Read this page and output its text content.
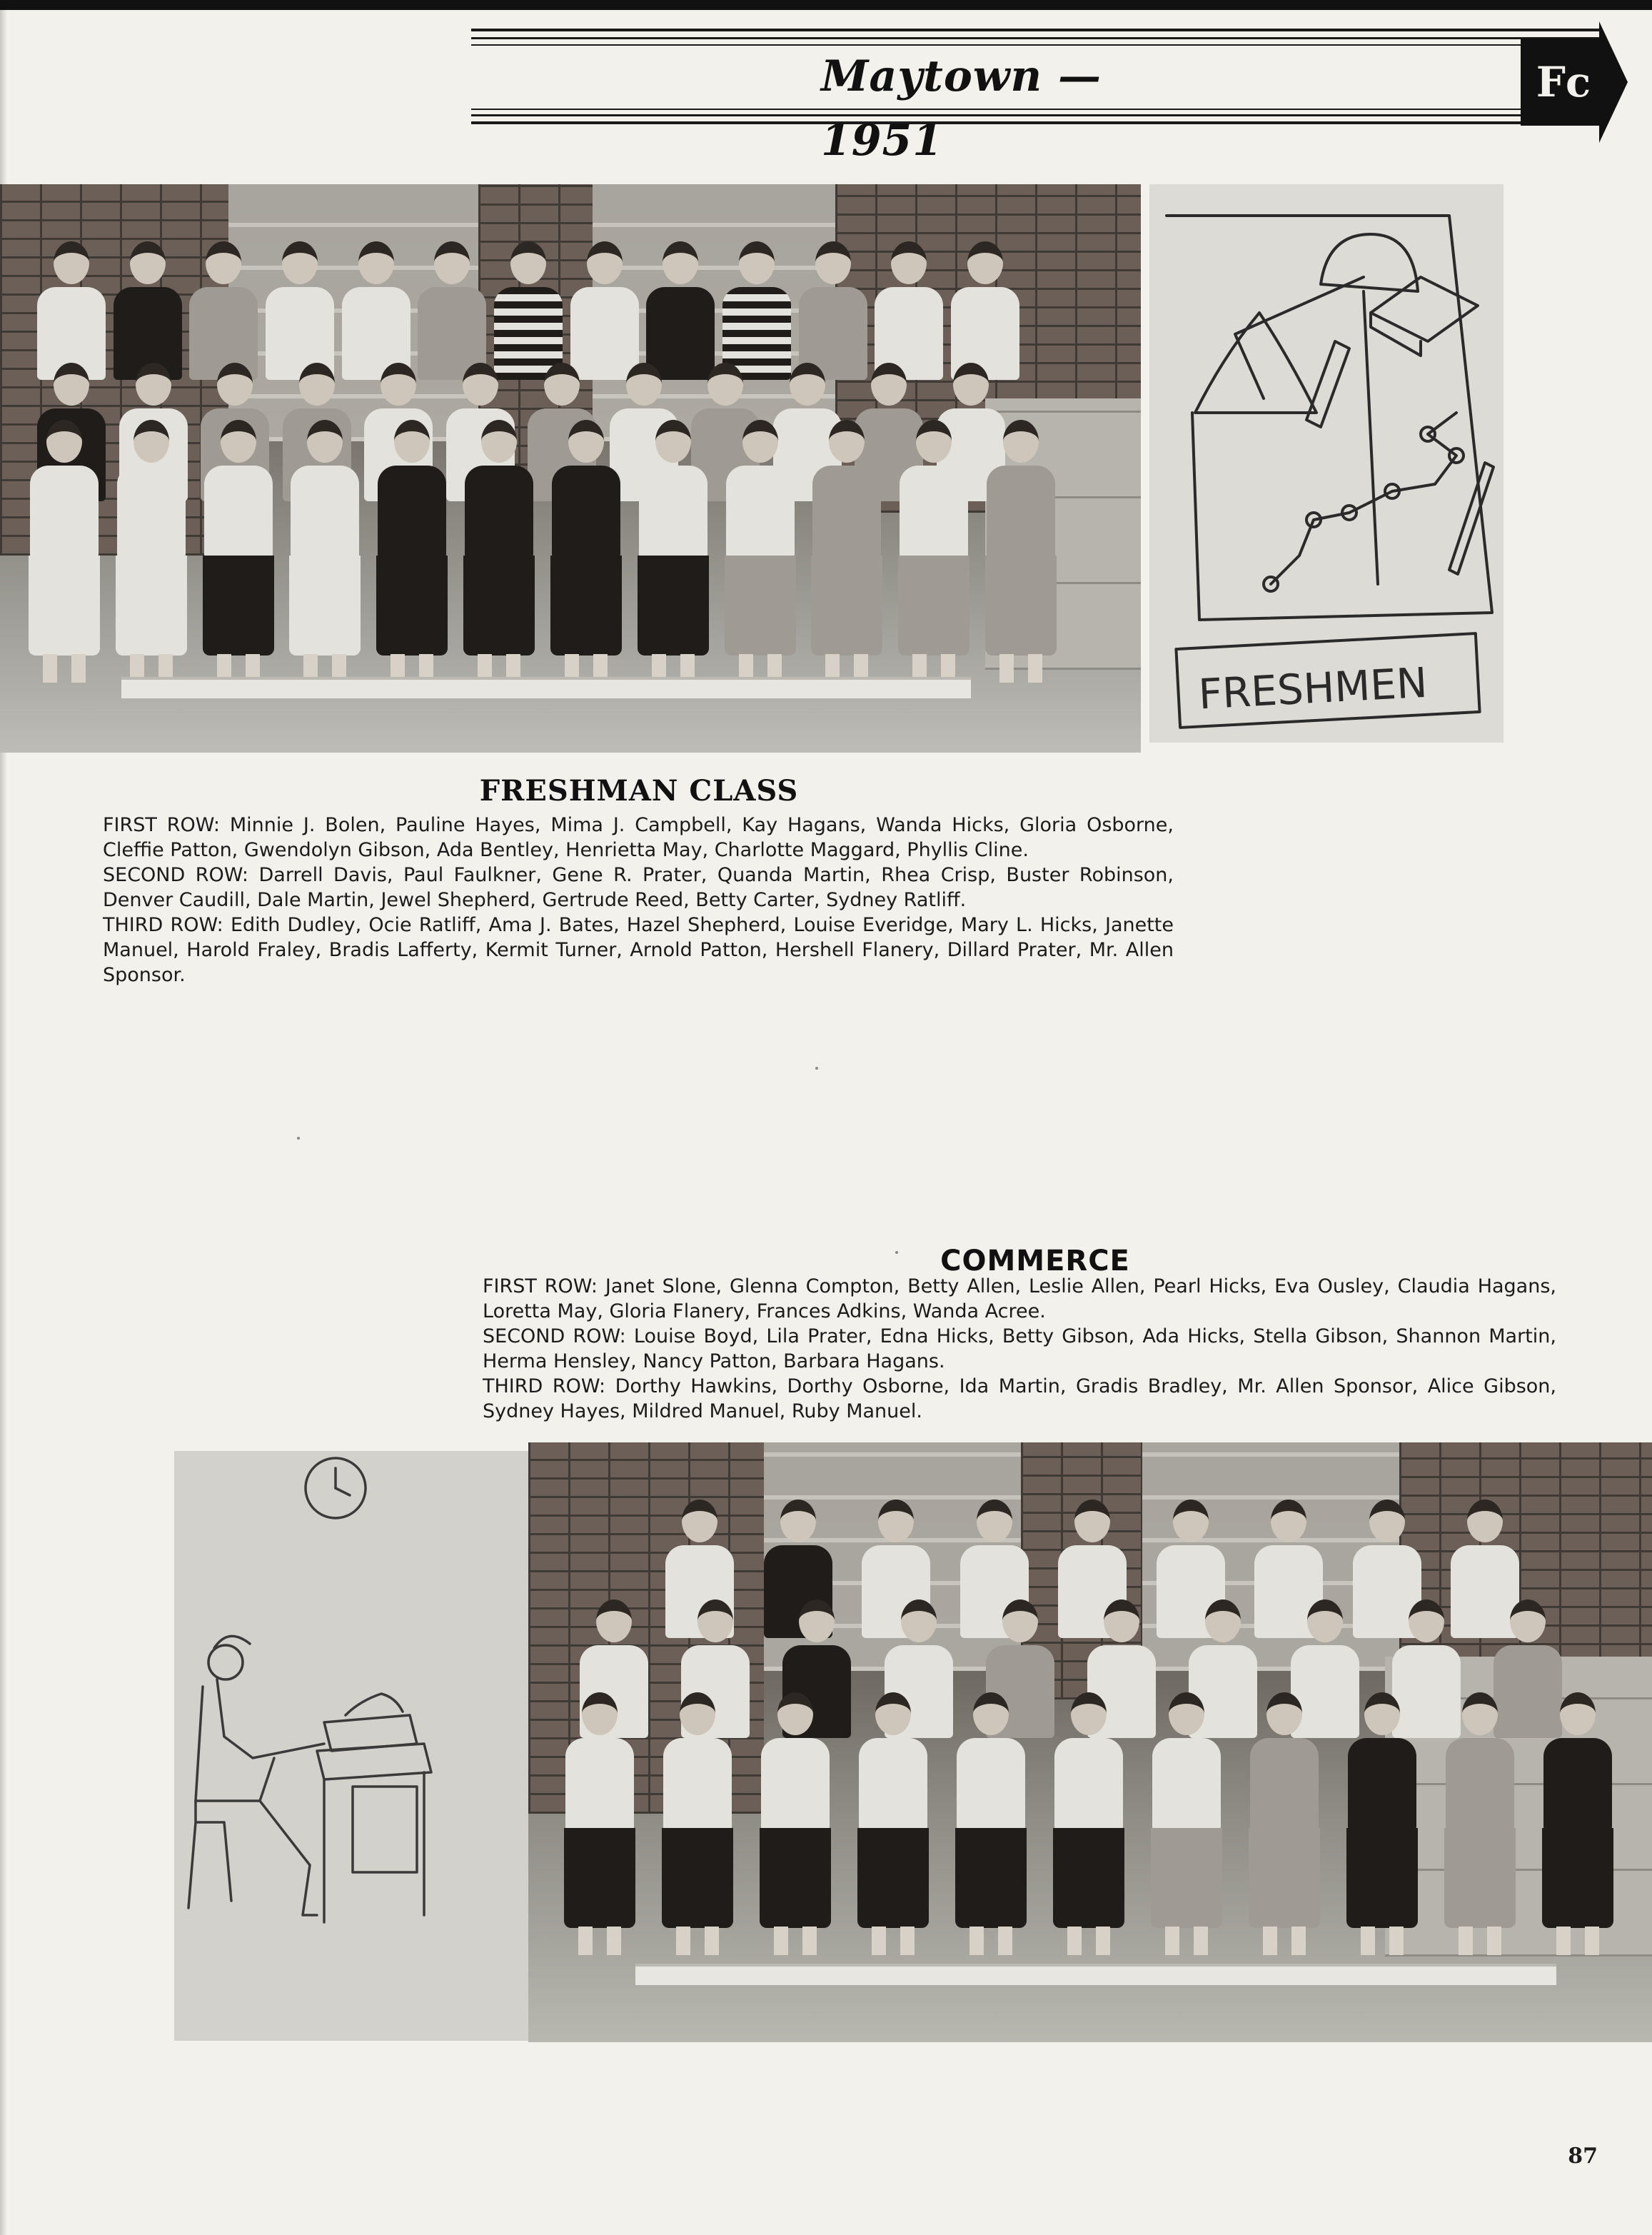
Maytown — 1951
Fc
FRESHMEN
FRESHMAN CLASS

FIRST ROW: Minnie J. Bolen, Pauline Hayes, Mima J. Campbell, Kay Hagans, Wanda Hicks, Gloria Osborne, Cleffie Patton, Gwendolyn Gibson, Ada Bentley, Henrietta May, Charlotte Maggard, Phyllis Cline.

SECOND ROW: Darrell Davis, Paul Faulkner, Gene R. Prater, Quanda Martin, Rhea Crisp, Buster Robinson, Denver Caudill, Dale Martin, Jewel Shepherd, Gertrude Reed, Betty Carter, Sydney Ratliff.

THIRD ROW: Edith Dudley, Ocie Ratliff, Ama J. Bates, Hazel Shepherd, Louise Everidge, Mary L. Hicks, Janette Manuel, Harold Fraley, Bradis Lafferty, Kermit Turner, Arnold Patton, Hershell Flanery, Dillard Prater, Mr. Allen Sponsor.

COMMERCE

FIRST ROW: Janet Slone, Glenna Compton, Betty Allen, Leslie Allen, Pearl Hicks, Eva Ousley, Claudia Hagans, Loretta May, Gloria Flanery, Frances Adkins, Wanda Acree.

SECOND ROW: Louise Boyd, Lila Prater, Edna Hicks, Betty Gibson, Ada Hicks, Stella Gibson, Shannon Martin, Herma Hensley, Nancy Patton, Barbara Hagans.

THIRD ROW: Dorthy Hawkins, Dorthy Osborne, Ida Martin, Gradis Bradley, Mr. Allen Sponsor, Alice Gibson, Sydney Hayes, Mildred Manuel, Ruby Manuel.

87
